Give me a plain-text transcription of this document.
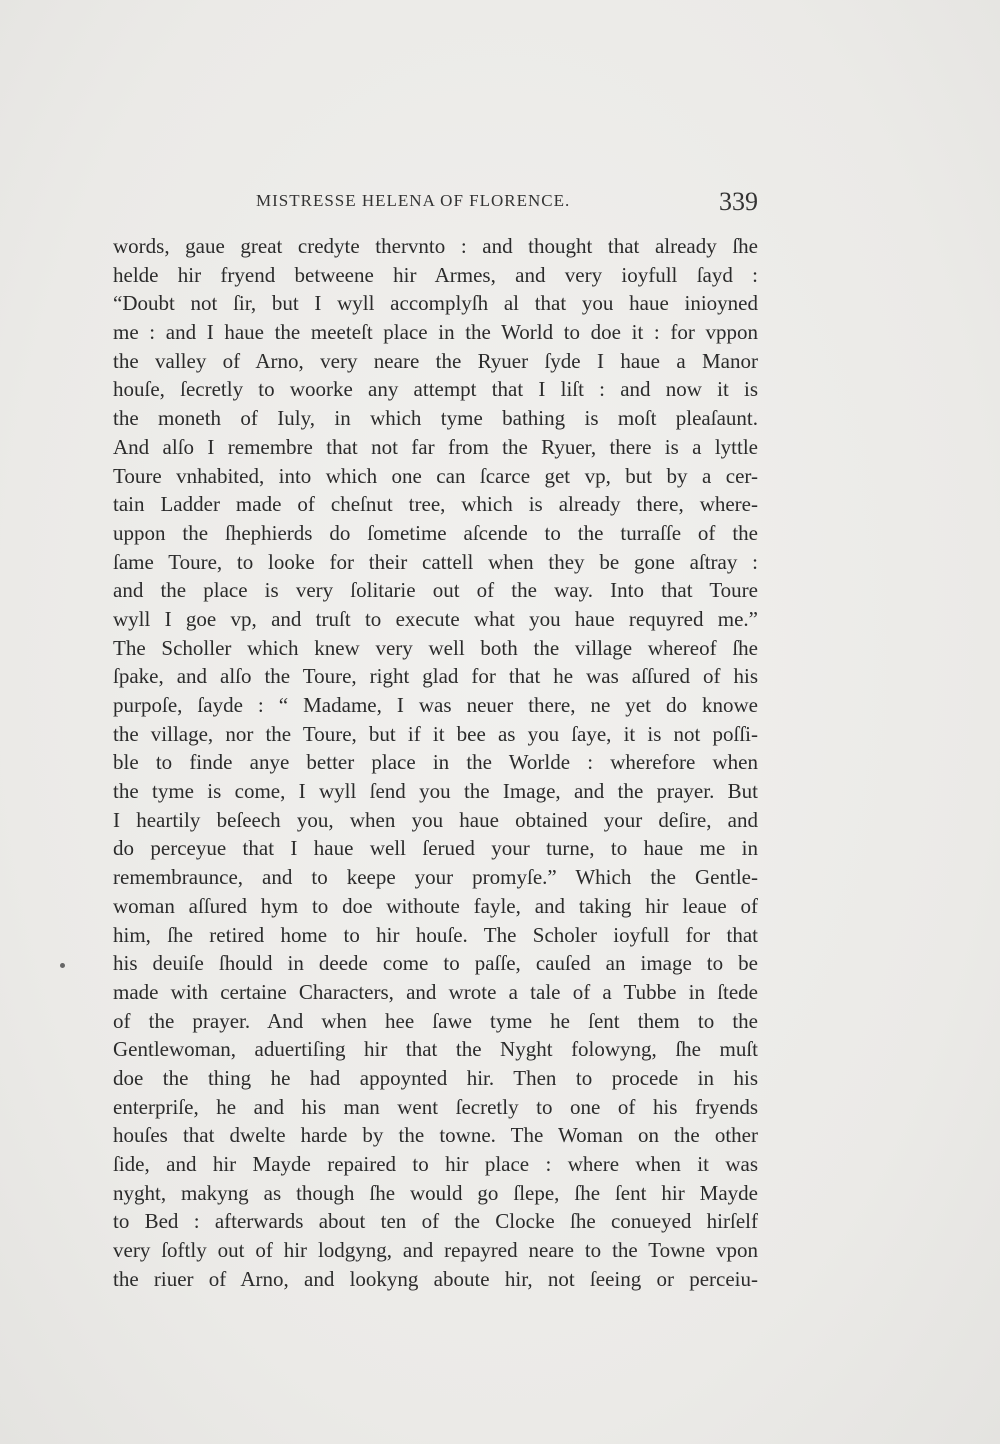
MISTRESSE HELENA OF FLORENCE.	339
words, gaue great credyte thervnto : and thought that already ſhe
helde hir fryend betweene hir Armes, and very ioyfull ſayd :
“Doubt not ſir, but I wyll accomplyſh al that you haue inioyned
me : and I haue the meeteſt place in the World to doe it : for vppon
the valley of Arno, very neare the Ryuer ſyde I haue a Manor
houſe, ſecretly to woorke any attempt that I liſt : and now it is
the moneth of Iuly, in which tyme bathing is moſt pleaſaunt.
And alſo I remembre that not far from the Ryuer, there is a lyttle
Toure vnhabited, into which one can ſcarce get vp, but by a cer-
tain Ladder made of cheſnut tree, which is already there, where-
uppon the ſhephierds do ſometime aſcende to the turraſſe of the
ſame Toure, to looke for their cattell when they be gone aſtray :
and the place is very ſolitarie out of the way. Into that Toure
wyll I goe vp, and truſt to execute what you haue requyred me.”
The Scholler which knew very well both the village whereof ſhe
ſpake, and alſo the Toure, right glad for that he was aſſured of his
purpoſe, ſayde : “ Madame, I was neuer there, ne yet do knowe
the village, nor the Toure, but if it bee as you ſaye, it is not poſſi-
ble to finde anye better place in the Worlde : wherefore when
the tyme is come, I wyll ſend you the Image, and the prayer. But
I heartily beſeech you, when you haue obtained your deſire, and
do perceyue that I haue well ſerued your turne, to haue me in
remembraunce, and to keepe your promyſe.” Which the Gentle-
woman aſſured hym to doe withoute fayle, and taking hir leaue of
him, ſhe retired home to hir houſe. The Scholer ioyfull for that
his deuiſe ſhould in deede come to paſſe, cauſed an image to be
made with certaine Characters, and wrote a tale of a Tubbe in ſtede
of the prayer. And when hee ſawe tyme he ſent them to the
Gentlewoman, aduertiſing hir that the Nyght folowyng, ſhe muſt
doe the thing he had appoynted hir. Then to procede in his
enterpriſe, he and his man went ſecretly to one of his fryends
houſes that dwelte harde by the towne. The Woman on the other
ſide, and hir Mayde repaired to hir place : where when it was
nyght, makyng as though ſhe would go ſlepe, ſhe ſent hir Mayde
to Bed : afterwards about ten of the Clocke ſhe conueyed hirſelf
very ſoftly out of hir lodgyng, and repayred neare to the Towne vpon
the riuer of Arno, and lookyng aboute hir, not ſeeing or perceiu-
